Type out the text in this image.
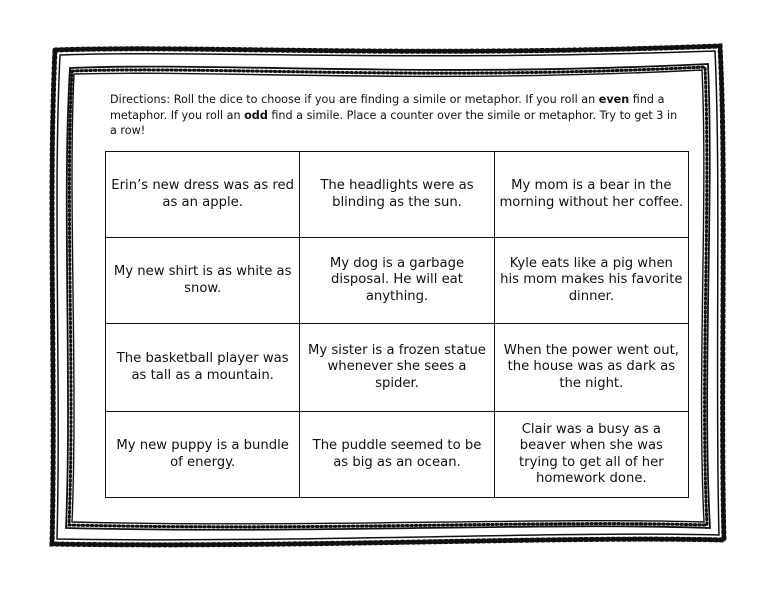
Directions: Roll the dice to choose if you are finding a simile or metaphor. If you roll an even find a metaphor. If you roll an odd find a simile. Place a counter over the simile or metaphor. Try to get 3 in a row!
Erin’s new dress was as red as an apple.	The headlights were as blinding as the sun.	My mom is a bear in the morning without her coffee.
My new shirt is as white as snow.	My dog is a garbage disposal. He will eat anything.	Kyle eats like a pig when his mom makes his favorite dinner.
The basketball player was as tall as a mountain.	My sister is a frozen statue whenever she sees a spider.	When the power went out, the house was as dark as the night.
My new puppy is a bundle of energy.	The puddle seemed to be as big as an ocean.	Clair was a busy as a beaver when she was trying to get all of her homework done.
